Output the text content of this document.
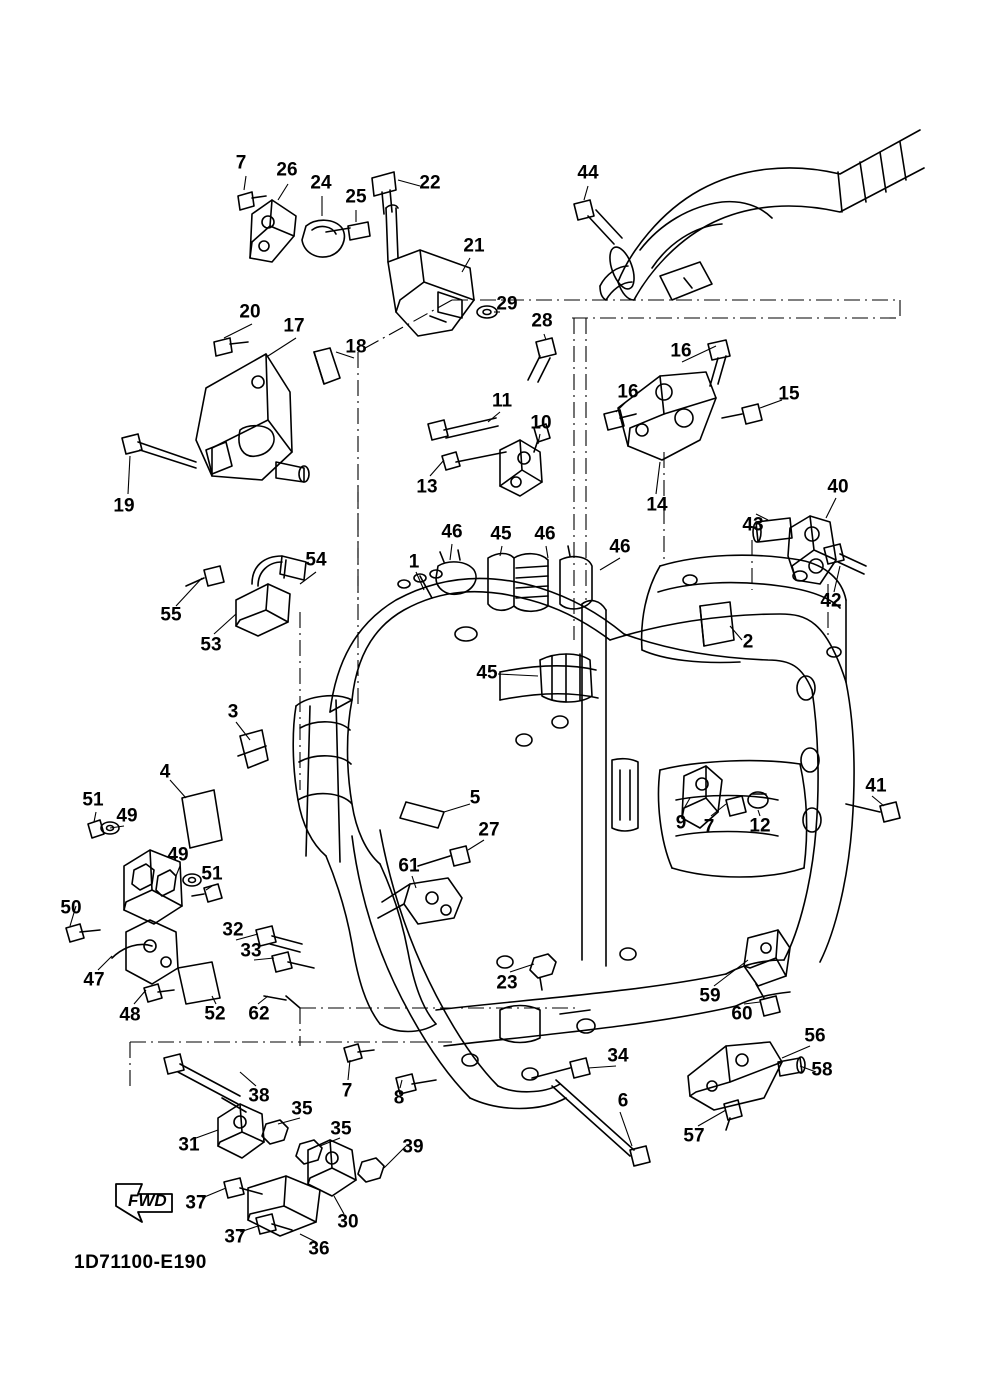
FWD
1D71100-E190
7 26
24
25
22	44
21
29
28
16
16	15
20
17
18
11
10
13
14
19
40
43
42
46 45 46
46
1
2
45
54
55
53
3
4
5
27	9 7 12
41
51
49
49
51
50
47
48	52 62
32
33
61
23
59
60
56
58
57
34
6
7 8
38
35
35
31	39
37
37
30
36
